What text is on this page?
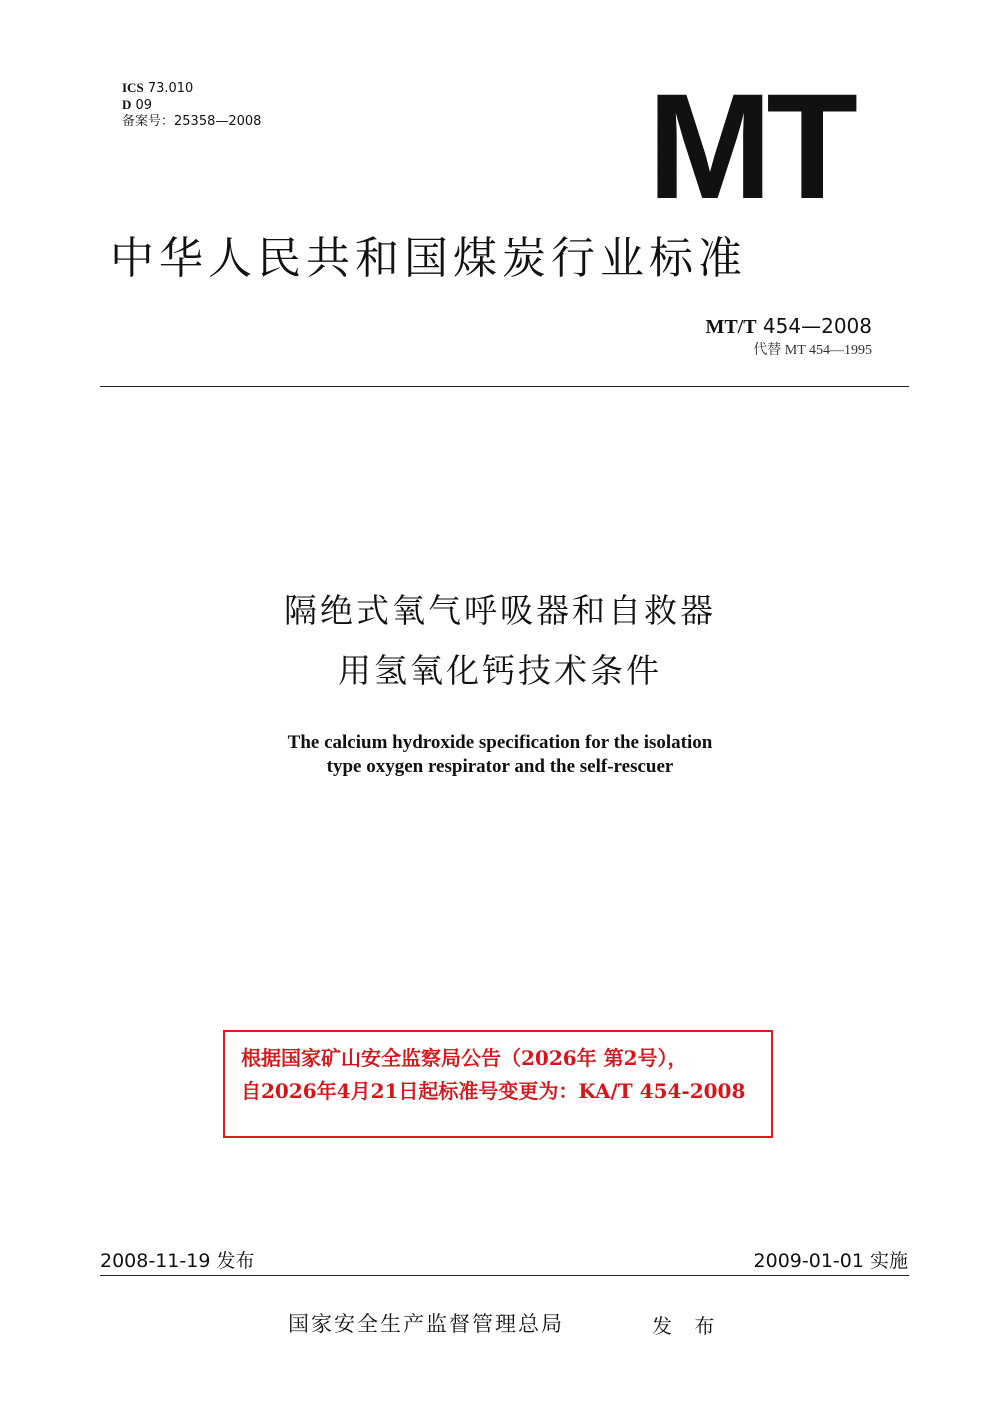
ICS 73.010
D 09
备案号：25358—2008	MT
中华人民共和国煤炭行业标准
MT/T 454—2008
代替 MT 454—1995
隔绝式氧气呼吸器和自救器
用氢氧化钙技术条件
The calcium hydroxide specification for the isolation
type oxygen respirator and the self-rescuer
根据国家矿山安全监察局公告（2026年 第2号），
自2026年4月21日起标准号变更为：KA/T 454-2008
2008-11-19 发布	2009-01-01 实施
国家安全生产监督管理总局	发 布
